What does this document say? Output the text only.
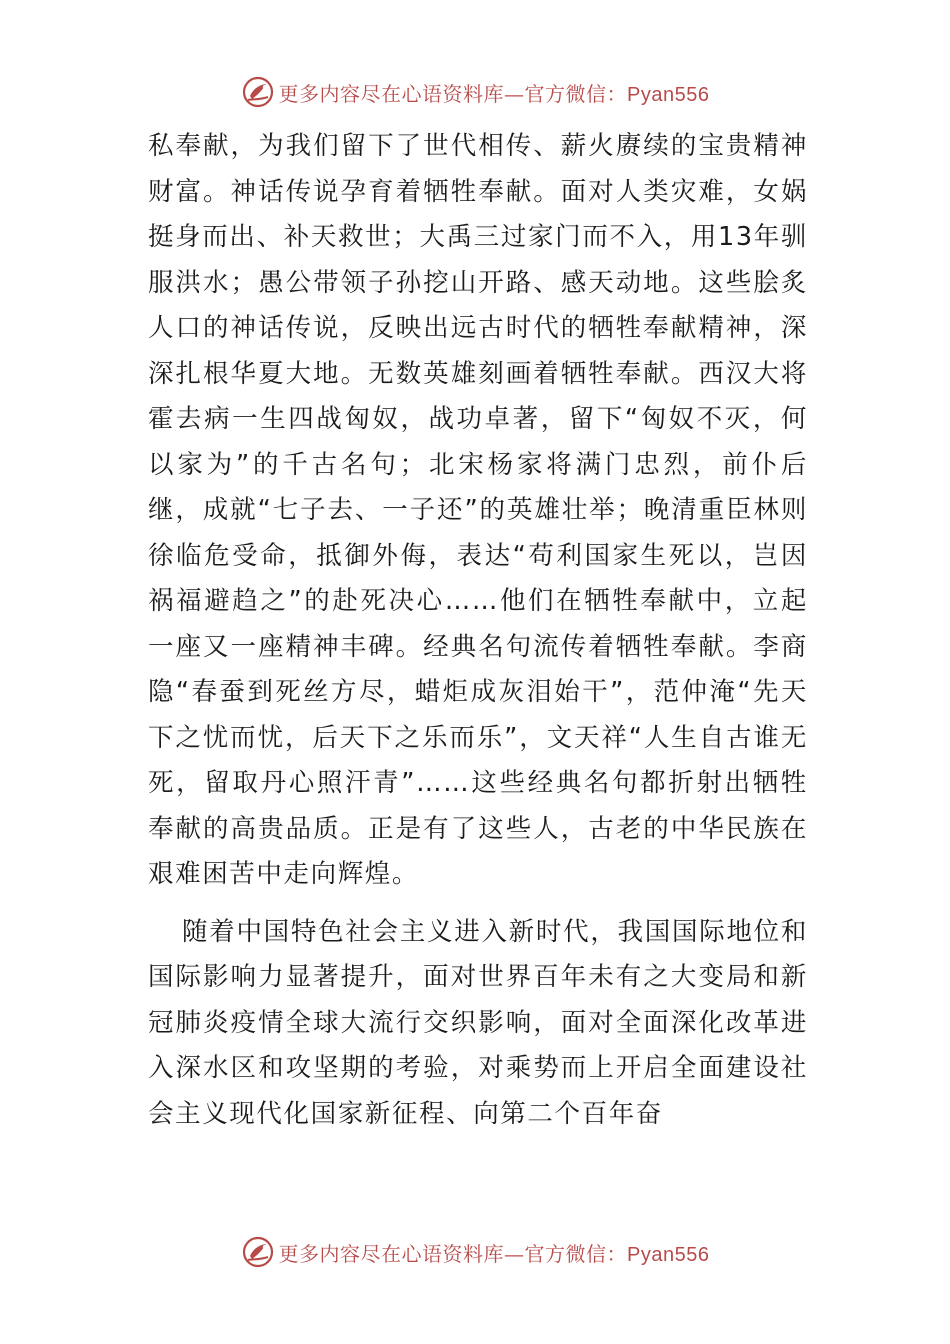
更多内容尽在心语资料库—官方微信：Pyan556

私奉献，为我们留下了世代相传、薪火赓续的宝贵精神财富。神话传说孕育着牺牲奉献。面对人类灾难，女娲挺身而出、补天救世；大禹三过家门而不入，用13年驯服洪水；愚公带领子孙挖山开路、感天动地。这些脍炙人口的神话传说，反映出远古时代的牺牲奉献精神，深深扎根华夏大地。无数英雄刻画着牺牲奉献。西汉大将霍去病一生四战匈奴，战功卓著，留下“匈奴不灭，何以家为”的千古名句；北宋杨家将满门忠烈，前仆后继，成就“七子去、一子还”的英雄壮举；晚清重臣林则徐临危受命，抵御外侮，表达“苟利国家生死以，岂因祸福避趋之”的赴死决心……他们在牺牲奉献中，立起一座又一座精神丰碑。经典名句流传着牺牲奉献。李商隐“春蚕到死丝方尽，蜡炬成灰泪始干”，范仲淹“先天下之忧而忧，后天下之乐而乐”，文天祥“人生自古谁无死，留取丹心照汗青”……这些经典名句都折射出牺牲奉献的高贵品质。正是有了这些人，古老的中华民族在艰难困苦中走向辉煌。

随着中国特色社会主义进入新时代，我国国际地位和国际影响力显著提升，面对世界百年未有之大变局和新冠肺炎疫情全球大流行交织影响，面对全面深化改革进入深水区和攻坚期的考验，对乘势而上开启全面建设社会主义现代化国家新征程、向第二个百年奋

更多内容尽在心语资料库—官方微信：Pyan556
